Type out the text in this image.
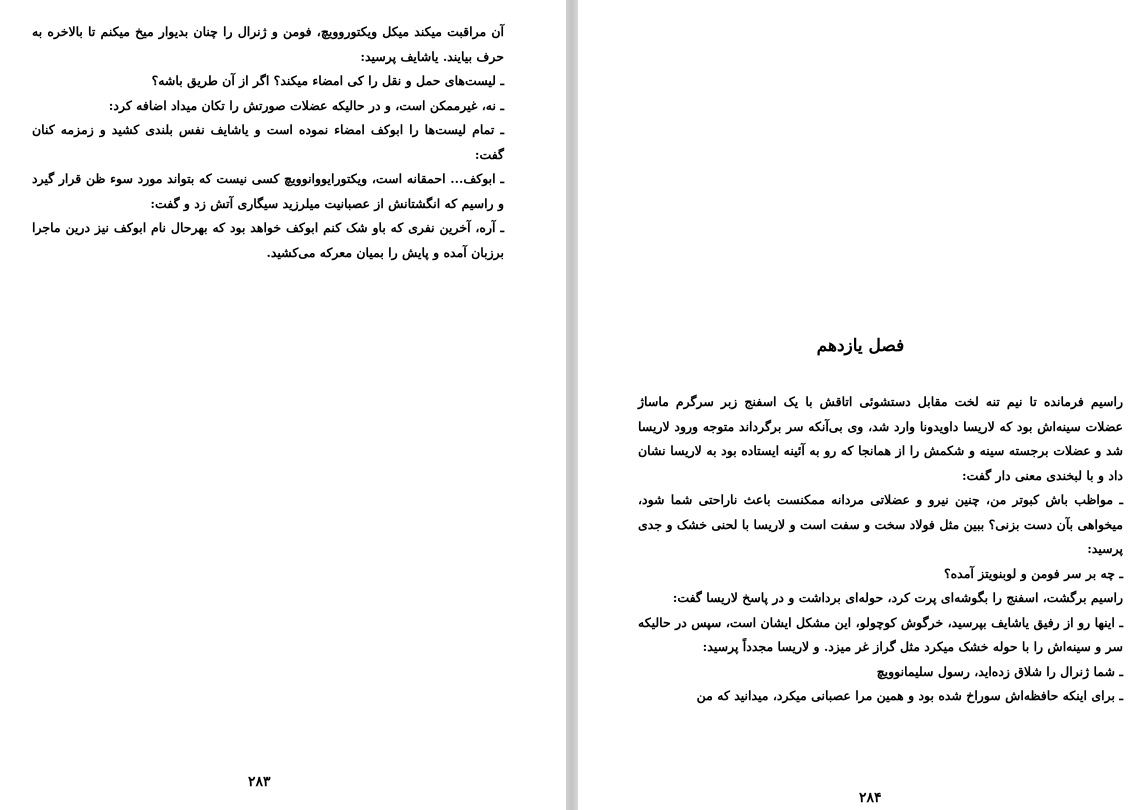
آن مراقبت میکند میکل ویکتوروویچ، فومن و ژنرال را چنان بدیوار میخ میکنم تا بالاخره به حرف بیایند. یاشایف پرسید:

ـ لیست‌های حمل و نقل را کی امضاء میکند؟ اگر از آن طریق باشه؟

ـ نه، غیرممکن است، و در حالیکه عضلات صورتش را تکان میداد اضافه کرد:

ـ تمام لیست‌ها را ابوکف امضاء نموده است و یاشایف نفس بلندی کشید و زمزمه کنان گفت:

ـ ابوکف... احمقانه است، ویکتورایووانوویچ کسی نیست که بتواند مورد سوء ظن قرار گیرد و راسیم که انگشتانش از عصبانیت میلرزید سیگاری آتش زد و گفت:

ـ آره، آخرین نفری که باو شک کنم ابوکف خواهد بود که بهرحال نام ابوکف نیز درین ماجرا برزبان آمده و پایش را بمیان معرکه می‌کشید.

۲۸۳
فصل یازدهم

راسیم فرمانده تا نیم تنه لخت مقابل دستشوئی اتاقش با یک اسفنج زبر سرگرم ماساژ عضلات سینه‌اش بود که لاریسا داویدونا وارد شد، وی بی‌آنکه سر برگرداند متوجه ورود لاریسا شد و عضلات برجسته سینه و شکمش را از همانجا که رو به آئینه ایستاده بود به لاریسا نشان داد و با لبخندی معنی دار گفت:

ـ مواظب باش کبوتر من، چنین نیرو و عضلاتی مردانه ممکنست باعث ناراحتی شما شود، میخواهی بآن دست بزنی؟ ببین مثل فولاد سخت و سفت است و لاریسا با لحنی خشک و جدی پرسید:

ـ چه بر سر فومن و لوبنویتز آمده؟

راسیم برگشت، اسفنج را بگوشه‌ای پرت کرد، حوله‌ای برداشت و در پاسخ لاریسا گفت:

ـ اینها رو از رفیق یاشایف بپرسید، خرگوش کوچولو، این مشکل ایشان است، سپس در حالیکه سر و سینه‌اش را با حوله خشک میکرد مثل گراز غر میزد. و لاریسا مجدداً پرسید:

ـ شما ژنرال را شلاق زده‌اید، رسول سلیمانوویچ

ـ برای اینکه حافظه‌اش سوراخ شده بود و همین مرا عصبانی میکرد، میدانید که من

۲۸۴
